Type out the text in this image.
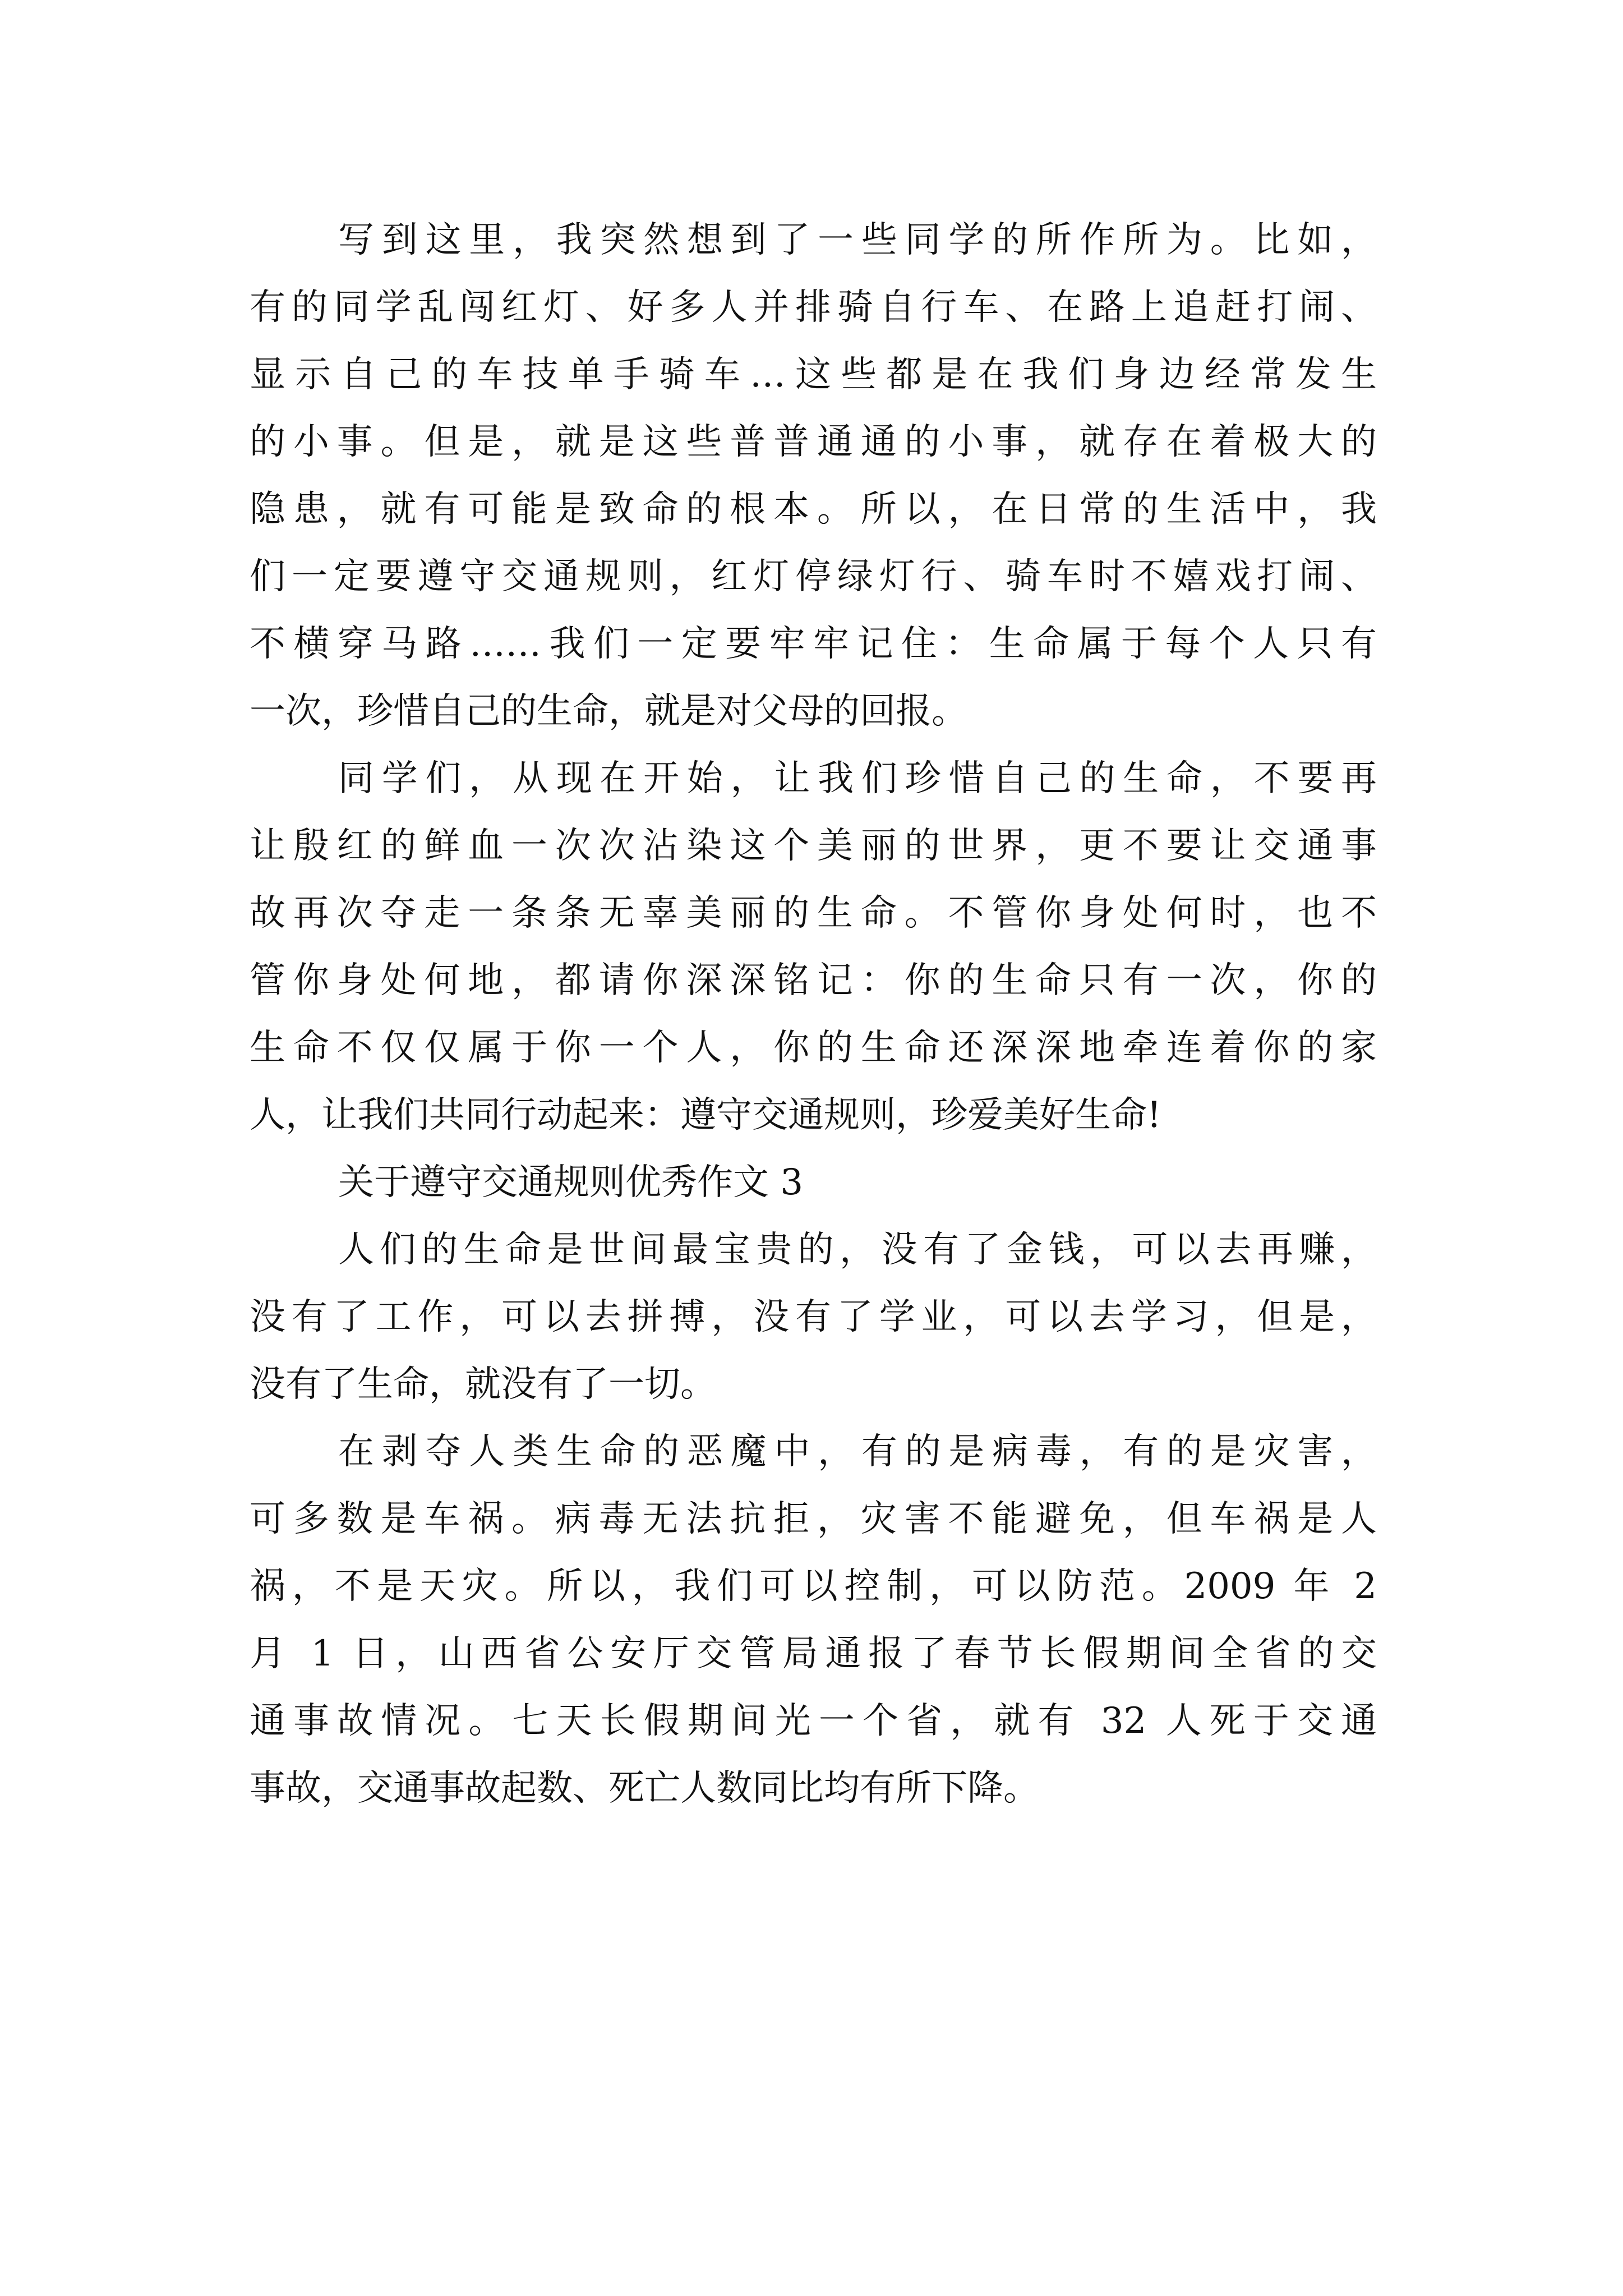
写到这里，我突然想到了一些同学的所作所为。比如，
有的同学乱闯红灯、好多人并排骑自行车、在路上追赶打闹、
显示自己的车技单手骑车…这些都是在我们身边经常发生
的小事。但是，就是这些普普通通的小事，就存在着极大的
隐患，就有可能是致命的根本。所以，在日常的生活中，我
们一定要遵守交通规则，红灯停绿灯行、骑车时不嬉戏打闹、
不横穿马路……我们一定要牢牢记住：生命属于每个人只有
一次，珍惜自己的生命，就是对父母的回报。
同学们，从现在开始，让我们珍惜自己的生命，不要再
让殷红的鲜血一次次沾染这个美丽的世界，更不要让交通事
故再次夺走一条条无辜美丽的生命。不管你身处何时，也不
管你身处何地，都请你深深铭记：你的生命只有一次，你的
生命不仅仅属于你一个人，你的生命还深深地牵连着你的家
人，让我们共同行动起来：遵守交通规则，珍爱美好生命!
关于遵守交通规则优秀作文 3
人们的生命是世间最宝贵的，没有了金钱，可以去再赚，
没有了工作，可以去拼搏，没有了学业，可以去学习，但是，
没有了生命，就没有了一切。
在剥夺人类生命的恶魔中，有的是病毒，有的是灾害，
可多数是车祸。病毒无法抗拒，灾害不能避免，但车祸是人
祸，不是天灾。所以，我们可以控制，可以防范。2009 年 2
月 1 日，山西省公安厅交管局通报了春节长假期间全省的交
通事故情况。七天长假期间光一个省，就有 32 人死于交通
事故，交通事故起数、死亡人数同比均有所下降。
